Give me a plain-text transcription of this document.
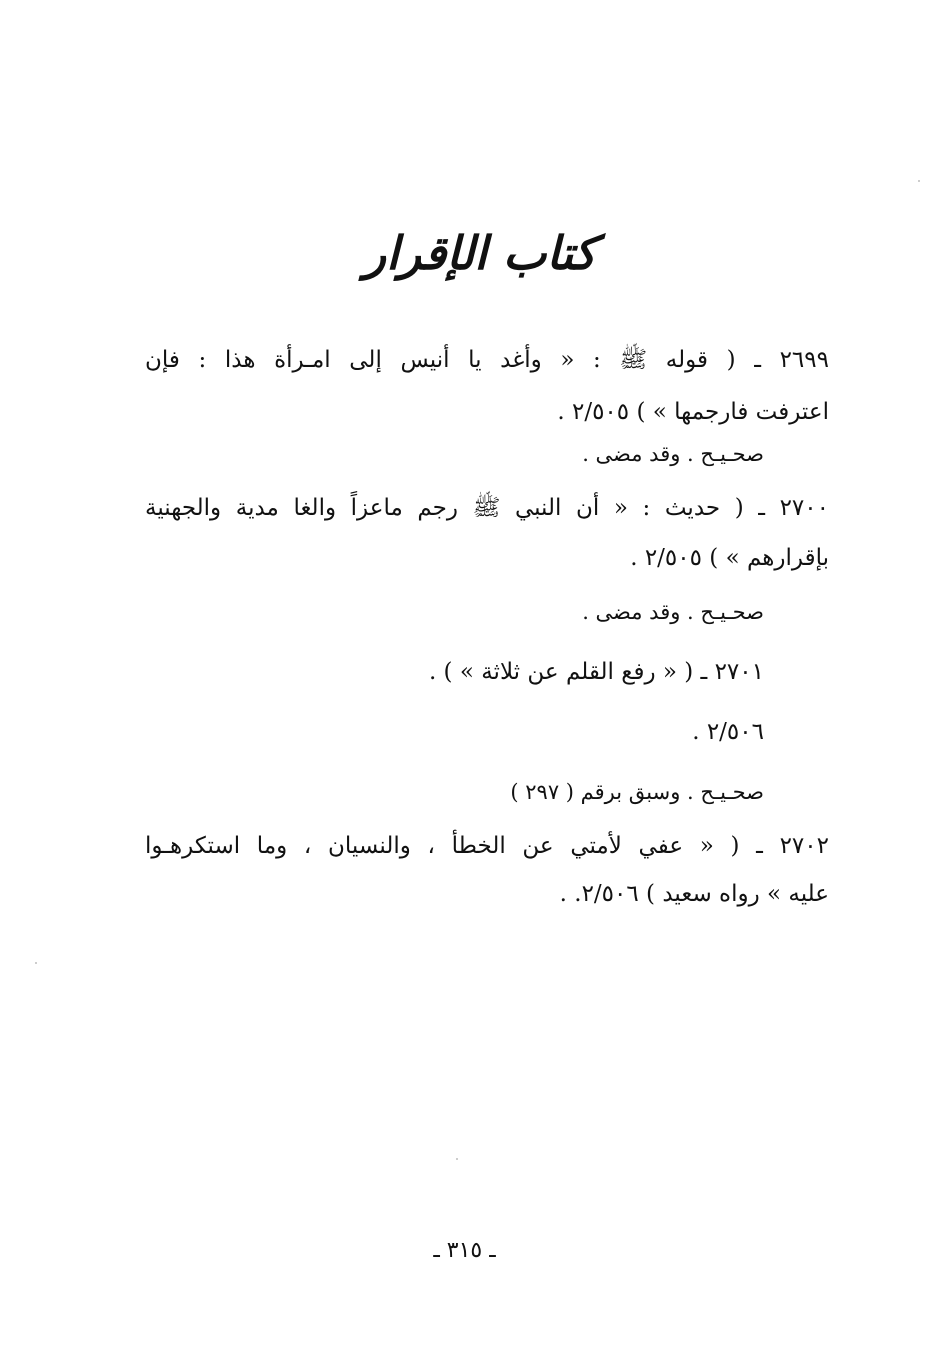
كتاب الإقرار
٢٦٩٩ ـ ( قوله ﷺ : « وأغد يا أنيس إلى امـرأة هذا : فإن
اعترفت فارجمها » ) ٢/٥٠٥ .
صحـيـح . وقد مضى .
٢٧٠٠ ـ ( حديث : « أن النبي ﷺ رجم ماعزاً والغا مدية والجهنية
بإقرارهم » ) ٢/٥٠٥ .
صحـيـح . وقد مضى .
٢٧٠١ ـ ( « رفع القلم عن ثلاثة » ) .
٢/٥٠٦ .
صحـيـح . وسبق برقم ( ٢٩٧ )
٢٧٠٢ ـ ( « عفي لأمتي عن الخطأ ، والنسيان ، وما استكرهـوا
عليه » رواه سعيد ) ٢/٥٠٦. .
ـ ٣١٥ ـ
